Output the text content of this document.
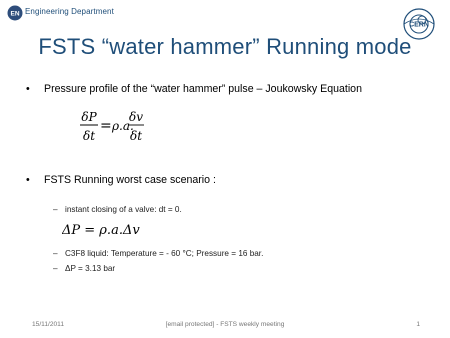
EN Engineering Department
CERN
FSTS “water hammer” Running mode
• Pressure profile of the “water hammer” pulse – Joukowsky Equation
δP
δt
= ρ.a.
δv
δt
• FSTS Running worst case scenario :
– instant closing of a valve: dt = 0.
ΔP = ρ.a.Δv
– C3F8 liquid: Temperature = - 60 °C; Pressure = 16 bar.
– ΔP = 3.13 bar
15/11/2011	[email protected] - FSTS weekly meeting	1
